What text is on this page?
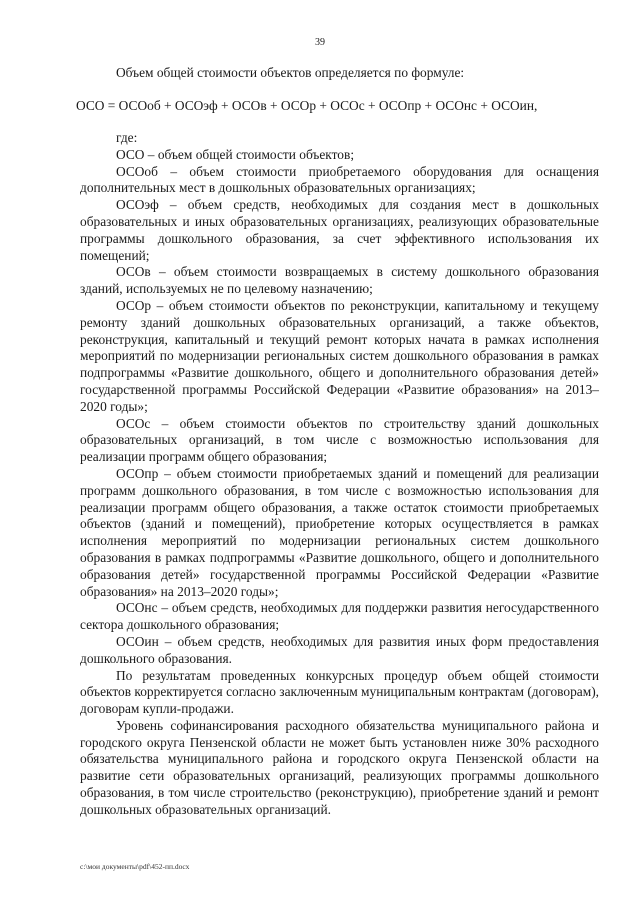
39
Объем общей стоимости объектов определяется по формуле:
ОСО = ОСОоб + ОСОэф + ОСОв + ОСОр + ОСОс + ОСОпр + ОСОнс + ОСОин,

где:

ОСО – объем общей стоимости объектов;

ОСОоб – объем стоимости приобретаемого оборудования для оснащения дополнительных мест в дошкольных образовательных организациях;

ОСОэф – объем средств, необходимых для создания мест в дошкольных образовательных и иных образовательных организациях, реализующих образовательные программы дошкольного образования, за счет эффективного использования их помещений;

ОСОв – объем стоимости возвращаемых в систему дошкольного образования зданий, используемых не по целевому назначению;

ОСОр – объем стоимости объектов по реконструкции, капитальному и текущему ремонту зданий дошкольных образовательных организаций, а также объектов, реконструкция, капитальный и текущий ремонт которых начата в рамках исполнения мероприятий по модернизации региональных систем дошкольного образования в рамках подпрограммы «Развитие дошкольного, общего и дополнительного образования детей» государственной программы Российской Федерации «Развитие образования» на 2013–2020 годы»;

ОСОс – объем стоимости объектов по строительству зданий дошкольных образовательных организаций, в том числе с возможностью использования для реализации программ общего образования;

ОСОпр – объем стоимости приобретаемых зданий и помещений для реализации программ дошкольного образования, в том числе с возможностью использования для реализации программ общего образования, а также остаток стоимости приобретаемых объектов (зданий и помещений), приобретение которых осуществляется в рамках исполнения мероприятий по модернизации региональных систем дошкольного образования в рамках подпрограммы «Развитие дошкольного, общего и дополнительного образования детей» государственной программы Российской Федерации «Развитие образования» на 2013–2020 годы»;

ОСОнс – объем средств, необходимых для поддержки развития негосударственного сектора дошкольного образования;

ОСОин – объем средств, необходимых для развития иных форм предоставления дошкольного образования.

По результатам проведенных конкурсных процедур объем общей стоимости объектов корректируется согласно заключенным муниципальным контрактам (договорам), договорам купли-продажи.

Уровень софинансирования расходного обязательства муниципального района и городского округа Пензенской области не может быть установлен ниже 30% расходного обязательства муниципального района и городского округа Пензенской области на развитие сети образовательных организаций, реализующих программы дошкольного образования, в том числе строительство (реконструкцию), приобретение зданий и ремонт дошкольных образовательных организаций.

c:\мои документы\pdf\452-пп.docx
